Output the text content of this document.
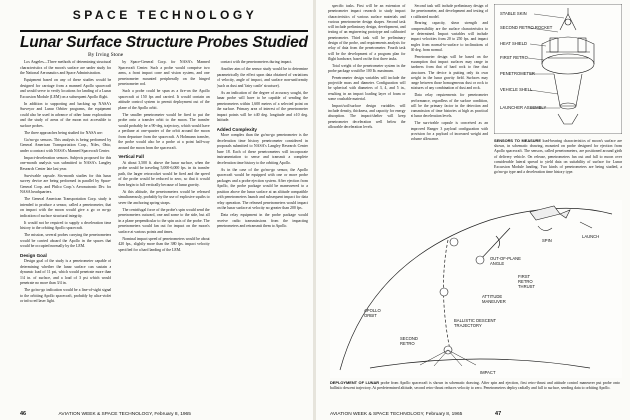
SPACE TECHNOLOGY
Lunar Surface Structure Probes Studied
By Irving Stone

Los Angeles—Three methods of determining structural characteristics of the moon's surface are under study for the National Aeronautics and Space Administration.

Equipment based on any of these studies would be designed for carriage from a manned Apollo spacecraft and would serve to verify locations for landing of a Lunar Excursion Module (LEM) on a subsequent Apollo flight.

In addition to supporting and backing up NASA's Surveyor and Lunar Orbiter programs, the equipment could also be used in advance of other lunar explorations and the study of areas of the moon not accessible to surface probes.

The three approaches being studied for NASA are:

Go/no-go sensors. This analysis is being performed by General American Transportation Corp., Niles, Ohio, under a contract with NASA's Manned Spacecraft Center.

Impact-deceleration sensors. Subjects proposed for this one-month analysis was submitted to NASA's Langley Research Center late last year.

Survivable capsule. Six-month studies for this lunar survey device are being performed in parallel by Space-General Corp. and Philco Corp.'s Aeronutronic Div. for NASA headquarters.

The General American Transportation Corp. study is intended to produce a sensor, called a penetrometer, that on impact with the moon would give a go or no-go indication of surface structural integrity.

It would not be required to supply a deceleration time history to the orbiting Apollo spacecraft.

The mission, several probes carrying the penetrometers would be carried aboard the Apollo in the spaces that would be occupied normally by the LEM.

Design Goal

Design goal of the study is a penetrometer capable of determining whether the lunar surface can sustain a dynamic load of 11 psi, which would penetrate more than 1/4 in. of surface, and a load of 3 psi which would penetrate no more than 3/4 in.

The go/no-go indication would be a line-of-sight signal to the orbiting Apollo spacecraft, probably by ultra-violet or infra red laser light.

by Space-General Corp. for NASA's Manned Spacecraft Center. Such a probe would comprise two arms, a front impact cone and vision system, and one penetrometer mounted peripherally on the hinged penetrometer rod.

Such a probe could be spun as a fire-on the Apollo spacecraft at 150 fps and carried. It would contain an attitude control system to permit deployment out of the plane of the Apollo orbit.

The smaller penetrometer would be fired to put the probe onto a transfer orbit to the moon. The transfer would probably be a 90-deg. trajectory, which would have a perilune at one-quarter of the orbit around the moon from departure from the spacecraft. A Hohmann transfer, the probe would also be a probe at a point half-way around the moon from the spacecraft.

Vertical Fall

At about 3,500 ft. above the lunar surface, when the probe would be traveling 5,000-6,000 fps. in its transfer path, the larger retrorocket would be fired and the speed of the probe would be reduced to zero, so that it would then begin to fall vertically because of lunar gravity.

At this altitude, the penetrometers would be released simultaneously, probably by the use of explosive squibs to sever the anchoring spring straps.

The centrifugal force of the probe's spin would send the penetrometers outward, one and some to the side, but all in a plane perpendicular to the spin axis of the probe. The penetrometers would fan out for impact on the moon's surface at various points and times.

Nominal impact speed of penetrometers would be about 420 fps., slightly more than the 380 fps. impact velocity specified for a hard landing of the LEM.

contact with the penetrometers during impact.

Another aim of the sensor study would be to determine parametrically the effect upon data obtained of variations of velocity, angle of impact, and surface non-uniformity (such as dust and 'fairy castle' structure).

As an indication of the degree of accuracy sought, the lunar probe will have to be capable of sending the penetrometers within 1,600 meters of a selected point on the surface. Primary area of interest of the penetrometer impact points will be ±40 deg. longitude and ±10 deg. latitude.

Added Complexity

More complex than the go/no-go penetrometer is the deceleration time history penetrometer considered in proposals submitted to NASA's Langley Research Center June 18. Each of these penetrometers will incorporate instrumentation to sense and transmit a complete deceleration time history to the orbiting Apollo.

As in the case of the go/no-go sensor, the Apollo spacecraft would be equipped with one or more probe packages and a probe ejection system. After ejection from Apollo, the probe package would be maneuvered to a position above the lunar surface at an altitude compatible with penetrometers launch and subsequent impact for data relay operation. The released penetrometers would impact on the lunar surface at velocity no greater than 200 fps.

Data relay equipment in the probe package would receive radio transmissions from the impacting penetrometers and retransmit them to Apollo.

46	AVIATION WEEK & SPACE TECHNOLOGY, February 8, 1965

specific tasks. First will be an extension of penetrometer impact research to study impact characteristics of various surface materials and various penetrometer design shapes. Second task will include preliminary design, development, and testing of an engineering prototype and calibrated penetrometer. Third task will be preliminary design of the probe, and requirements analysis for relay of data from the penetrometer. Fourth task will be the development of a program plan for flight hardware, based on the first three tasks.

Total weight of the penetrometer system in the probe package would be 100 lb. maximum.

Penetrometer design variables will include the projectile mass and diameter. Configuration will be spherical with diameters of 3, 4, and 5 in., resulting in an impact loading layer of foam or some crushable material.

Impact/soil/surface design variables will include density, thickness, and capacity for energy absorption. The impact/shelter will keep penetrometer deceleration well below the allowable deceleration levels.

Second task will include preliminary design of the penetrometer, and development and testing of a calibrated model.

Bearing capacity, shear strength and compressibility are the surface characteristics to be determined. Impact variables will include impact velocities from 20 to 250 fps. and impact angles from normal-to-surface to inclinations of 60 deg. from normal.

Penetrometer design will be based on the assumption that impact surfaces may range in hardness from that of hard rock to fine dust structures. The device is putting only its own weight in the lunar gravity field. Surfaces may range between those homogeneous dust or rock to mixtures of any combination of dust and rock.

Data relay requirements for penetrometer performance, regardless of the surface condition, will be the primary factor in the detection and transmission of time histories at high as practical at lunar deceleration levels.

The survivable capsule is conceived as an improved Ranger 3 payload configuration with provision for a payload of increased weight and volume allowance.

STABLE SKIN
SECOND RETRO ROCKET
HEAT SHIELD
FIRST RETRO
PENETROMETER
VEHICLE SHELL
LAUNCHER ASSEMBLY
SENSORS TO MEASURE load-bearing characteristics of moon's surface are shown, in schematic drawing, mounted on probe designed for ejection from Apollo spacecraft. The sensors, called penetrometers, are positioned around girth of delivery vehicle. On release, penetrometers fan out and fall to moon over considerable lateral spread to yield data on suitability of surface for Lunar Excursion Module landing. Two kinds of penetrometers are being studied, a go/no-go type and a deceleration time history type.
SPIN
LAUNCH
OUT-OF-PLANE ANGLE
FIRST RETRO THRUST
ATTITUDE MANEUVER
APOLLO ORBIT
BALLISTIC DESCENT TRAJECTORY
SECOND RETRO
IMPACT
DEPLOYMENT OF LUNAR probe from Apollo spacecraft is shown in schematic drawing. After spin and ejection, first retro-thrust and attitude control maneuver put probe onto ballistic descent trajectory. At predetermined altitude, second retro-thrust reduces velocity to zero. Penetrometers deploy radially and fall to surface, sending data to orbiting Apollo.
AVIATION WEEK & SPACE TECHNOLOGY, February 8, 1965	47
